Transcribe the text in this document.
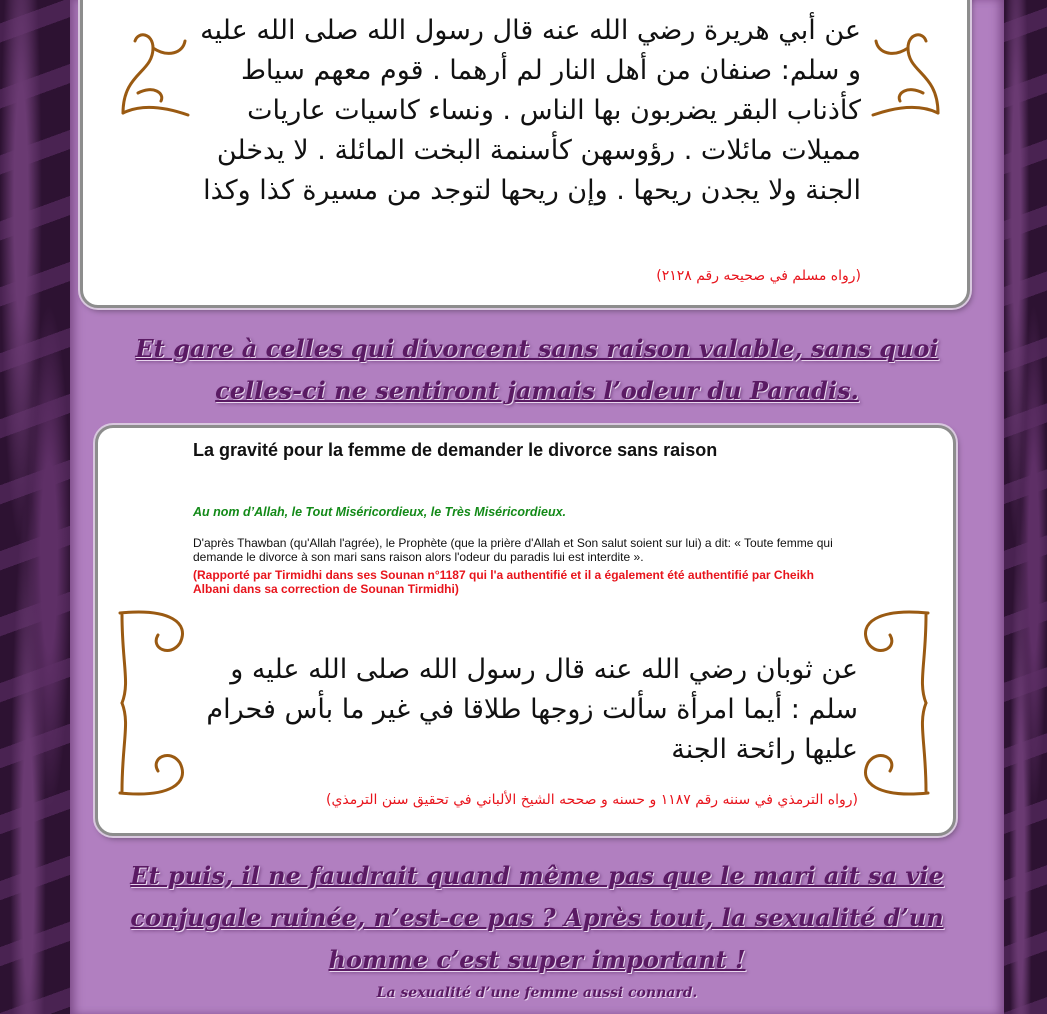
عن أبي هريرة رضي الله عنه قال رسول الله صلى الله عليه و سلم: صنفان من أهل النار لم أرهما . قوم معهم سياط كأذناب البقر يضربون بها الناس . ونساء كاسيات عاريات مميلات مائلات . رؤوسهن كأسنمة البخت المائلة . لا يدخلن الجنة ولا يجدن ريحها . وإن ريحها لتوجد من مسيرة كذا وكذا
(رواه مسلم في صحيحه رقم ٢١٢٨)
Et gare à celles qui divorcent sans raison valable, sans quoi celles-ci ne sentiront jamais l’odeur du Paradis.
La gravité pour la femme de demander le divorce sans raison
Au nom d’Allah, le Tout Miséricordieux, le Très Miséricordieux.
D'après Thawban (qu'Allah l'agrée), le Prophète (que la prière d'Allah et Son salut soient sur lui) a dit: « Toute femme qui demande le divorce à son mari sans raison alors l'odeur du paradis lui est interdite ».
(Rapporté par Tirmidhi dans ses Sounan n°1187 qui l'a authentifié et il a également été authentifié par Cheikh Albani dans sa correction de Sounan Tirmidhi)
عن ثوبان رضي الله عنه قال رسول الله صلى الله عليه و سلم : أيما امرأة سألت زوجها طلاقا في غير ما بأس فحرام عليها رائحة الجنة
(رواه الترمذي في سننه رقم ١١٨٧ و حسنه و صححه الشيخ الألباني في تحقيق سنن الترمذي)
Et puis, il ne faudrait quand même pas que le mari ait sa vie conjugale ruinée, n’est-ce pas ? Après tout, la sexualité d’un homme c’est super important !
La sexualité d’une femme aussi connard.
